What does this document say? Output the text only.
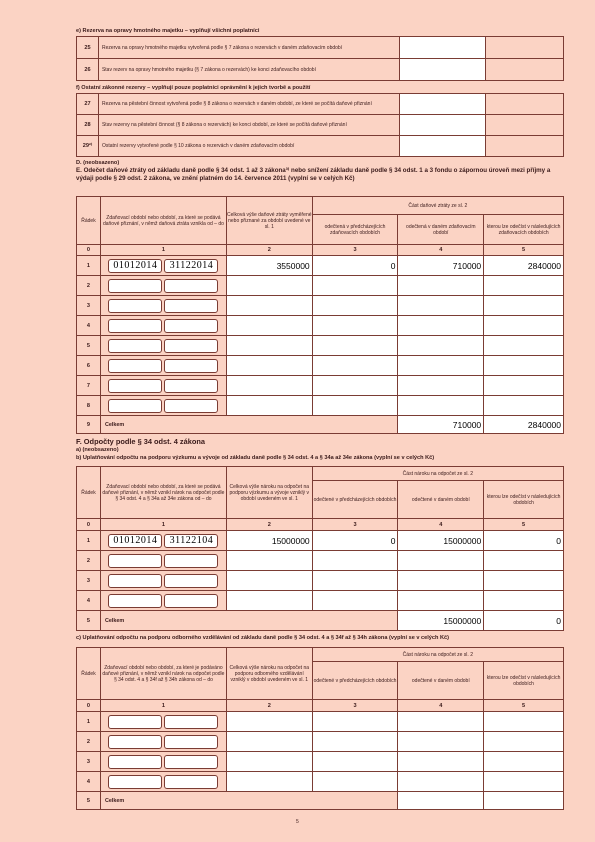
e) Rezerva na opravy hmotného majetku – vyplňují všichni poplatníci
25	Rezerva na opravy hmotného majetku vytvořená podle § 7 zákona o rezervách v daném zdaňovacím období		
26	Stav rezerv na opravy hmotného majetku (§ 7 zákona o rezervách) ke konci zdaňovacího období		
f) Ostatní zákonné rezervy – vyplňují pouze poplatníci oprávnění k jejich tvorbě a použití
27	Rezerva na pěstební činnost vytvořená podle § 8 zákona o rezervách v daném období, ze které se počítá daňové přiznání		
28	Stav rezervy na pěstební činnost (§ 8 zákona o rezervách) ke konci období, ze které se počítá daňové přiznání		
29²⁾	Ostatní rezervy vytvořené podle § 10 zákona o rezervách v daném zdaňovacím období		
D. (neobsazeno)
E. Odečet daňové ztráty od základu daně podle § 34 odst. 1 až 3 zákona³⁾ nebo snížení základu daně podle § 34 odst. 1 a 3 fondu o zápornou úroveň mezi příjmy a výdaji podle § 29 odst. 2 zákona, ve znění platném do 14. července 2011 (vyplní se v celých Kč)
Řádek	Zdaňovací období nebo období, za které se podává daňové přiznání, v němž daňová ztráta vznikla od – do	Celková výše daňové ztráty vyměřené nebo přiznané za období uvedené ve sl. 1	Část daňové ztráty ze sl. 2		
			odečtená v předcházejících zdaňovacích obdobích	odečtená v daném zdaňovacím období	kterou lze odečíst v následujících zdaňovacích obdobích
0	1	2	3	4	5
1	01012014 31122014	3550000	0	710000	2840000
2					
3					
4					
5					
6					
7					
8					
9	Celkem			710000	2840000
F. Odpočty podle § 34 odst. 4 zákona
a) (neobsazeno)
b) Uplatňování odpočtu na podporu výzkumu a vývoje od základu daně podle § 34 odst. 4 a § 34a až 34e zákona (vyplní se v celých Kč)
Řádek	Zdaňovací období nebo období, za které se podává daňové přiznání, v němž vznikl nárok na odpočet podle § 34 odst. 4 a § 34a až 34e zákona od – do	Celková výše nároku na odpočet na podporu výzkumu a vývoje vzniklý v období uvedeném ve sl. 1	Část nároku na odpočet ze sl. 2		
			odečtené v předcházejících obdobích	odečtené v daném období	kterou lze odečíst v následujících obdobích
0	1	2	3	4	5
1	01012014 31122104	15000000	0	15000000	0
2					
3					
4					
5	Celkem			15000000	0
c) Uplatňování odpočtu na podporu odborného vzdělávání od základu daně podle § 34 odst. 4 a § 34f až § 34h zákona (vyplní se v celých Kč)
Řádek	Zdaňovací období nebo období, za které je podáváno daňové přiznání, v němž vznikl nárok na odpočet podle § 34 odst. 4 a § 34f až § 34h zákona od – do	Celková výše nároku na odpočet na podporu odborného vzdělávání vzniklý v období uvedeném ve sl. 1	Část nároku na odpočet ze sl. 2		
			odečtené v předcházejících obdobích	odečtené v daném období	kterou lze odečíst v následujících obdobích
0	1	2	3	4	5
1					
2					
3					
4					
5	Celkem				
5
